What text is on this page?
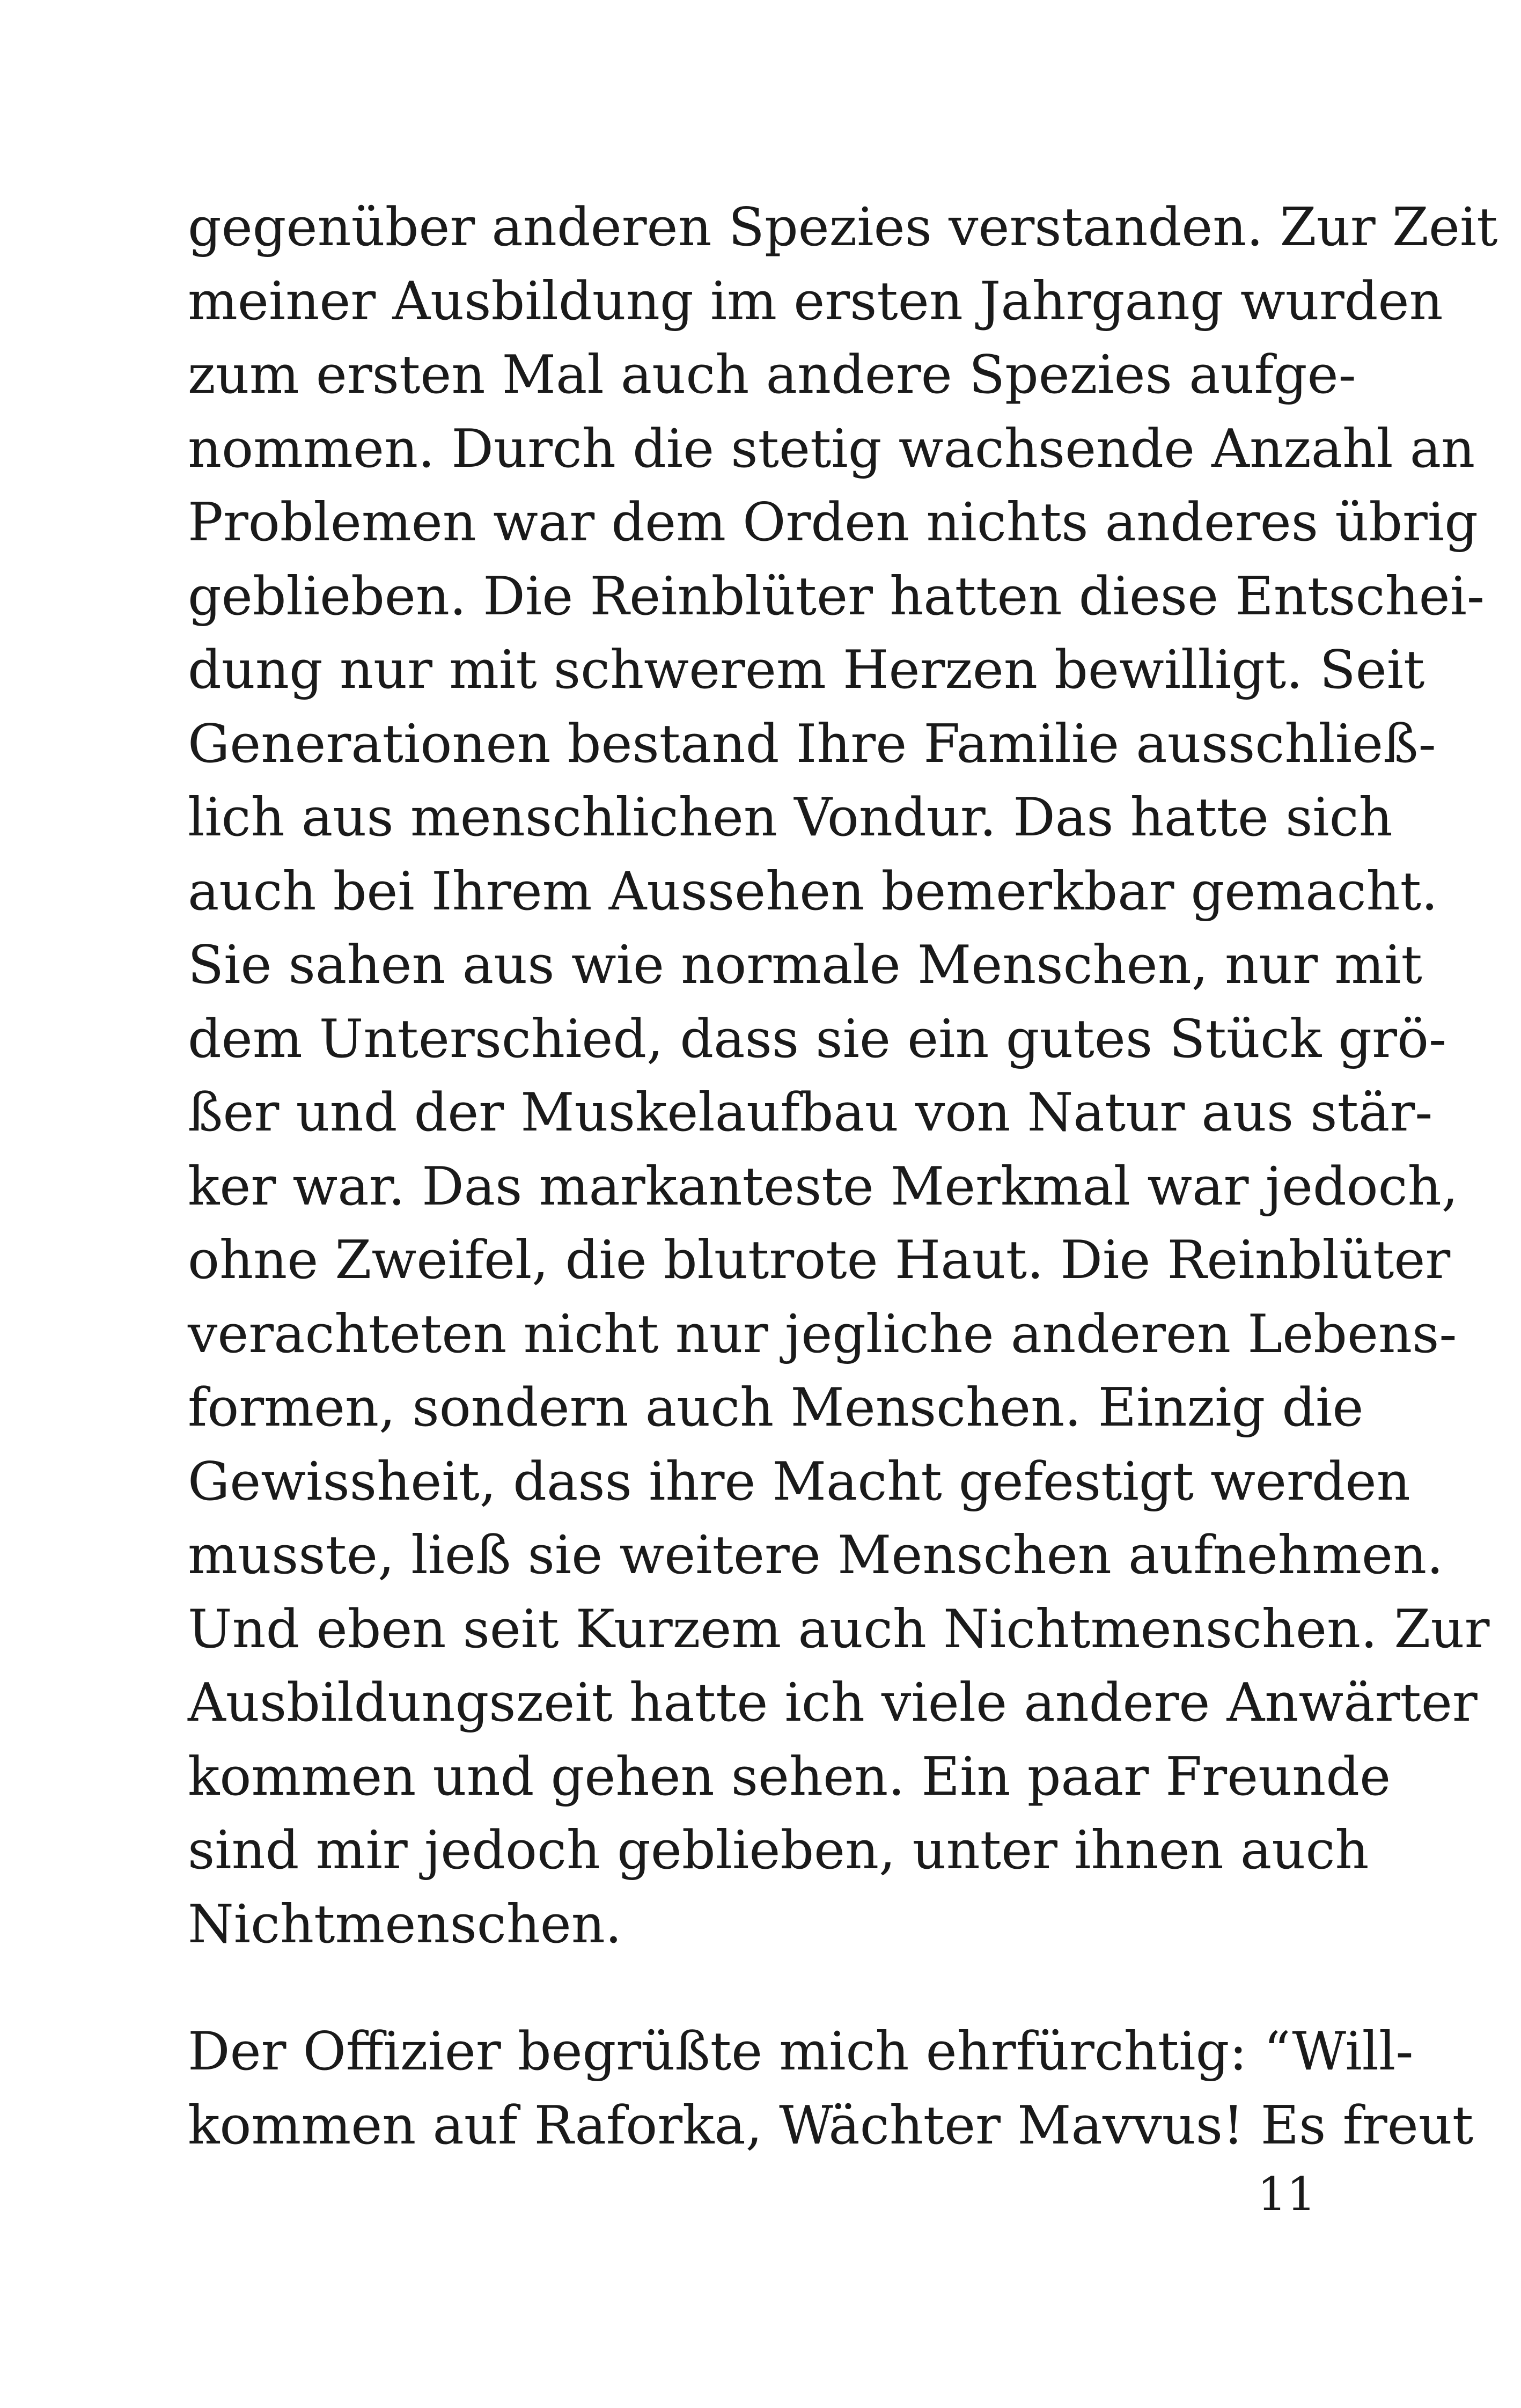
gegenüber anderen Spezies verstanden. Zur Zeit
meiner Ausbildung im ersten Jahrgang wurden
zum ersten Mal auch andere Spezies aufge-
nommen. Durch die stetig wachsende Anzahl an
Problemen war dem Orden nichts anderes übrig
geblieben. Die Reinblüter hatten diese Entschei-
dung nur mit schwerem Herzen bewilligt. Seit
Generationen bestand Ihre Familie ausschließ-
lich aus menschlichen Vondur. Das hatte sich
auch bei Ihrem Aussehen bemerkbar gemacht.
Sie sahen aus wie normale Menschen, nur mit
dem Unterschied, dass sie ein gutes Stück grö-
ßer und der Muskelaufbau von Natur aus stär-
ker war. Das markanteste Merkmal war jedoch,
ohne Zweifel, die blutrote Haut. Die Reinblüter
verachteten nicht nur jegliche anderen Lebens-
formen, sondern auch Menschen. Einzig die
Gewissheit, dass ihre Macht gefestigt werden
musste, ließ sie weitere Menschen aufnehmen.
Und eben seit Kurzem auch Nichtmenschen. Zur
Ausbildungszeit hatte ich viele andere Anwärter
kommen und gehen sehen. Ein paar Freunde
sind mir jedoch geblieben, unter ihnen auch
Nichtmenschen.
Der Offizier begrüßte mich ehrfürchtig: “Will-
kommen auf Raforka, Wächter Mavvus! Es freut
11
